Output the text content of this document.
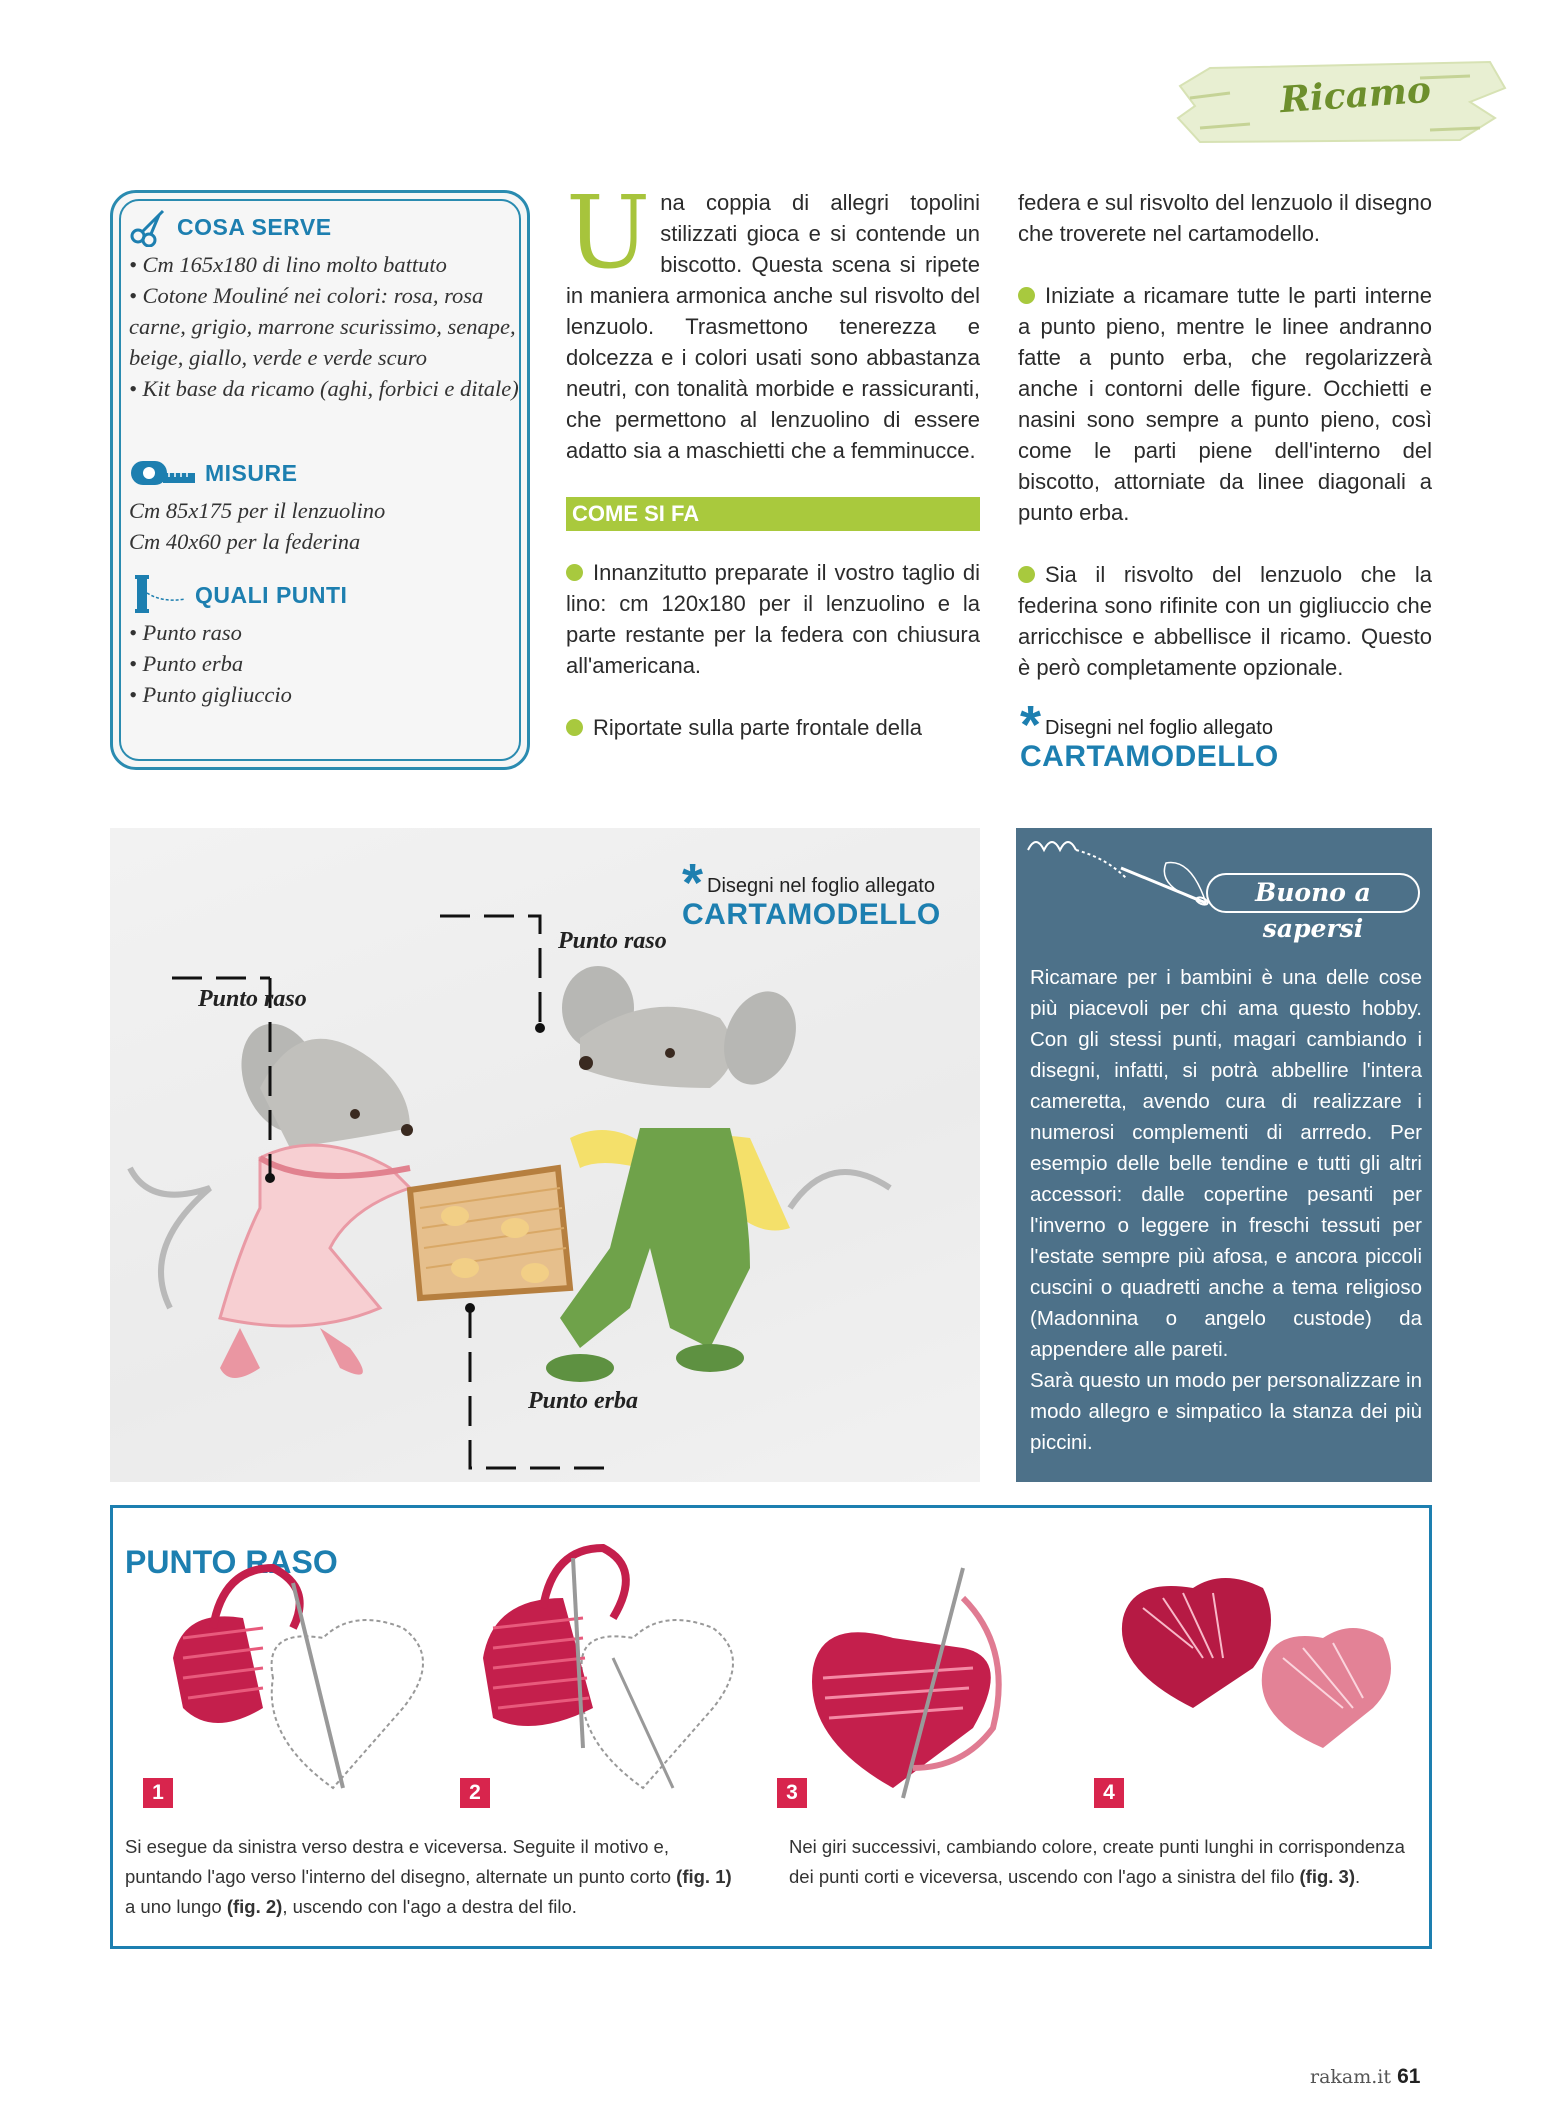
Ricamo
COSA SERVE
• Cm 165x180 di lino molto battuto
• Cotone Mouliné nei colori: rosa, rosa carne, grigio, marrone scurissimo, senape, beige, giallo, verde e verde scuro
• Kit base da ricamo (aghi, forbici e ditale)
MISURE
Cm 85x175 per il lenzuolino
Cm 40x60 per la federina
QUALI PUNTI
• Punto raso
• Punto erba
• Punto gigliuccio
U na coppia di allegri topolini stilizzati gioca e si contende un biscotto. Questa scena si ripete in maniera armonica anche sul risvolto del lenzuolo. Trasmettono tenerezza e dolcezza e i colori usati sono abbastanza neutri, con tonalità morbide e rassicuranti, che permettono al lenzuolino di essere adatto sia a maschietti che a femminucce.
COME SI FA
Innanzitutto preparate il vostro taglio di lino: cm 120x180 per il lenzuolino e la parte restante per la federa con chiusura all'americana.
Riportate sulla parte frontale della
federa e sul risvolto del lenzuolo il disegno che troverete nel cartamodello.
Iniziate a ricamare tutte le parti interne a punto pieno, mentre le linee andranno fatte a punto erba, che regolarizzerà anche i contorni delle figure. Occhietti e nasini sono sempre a punto pieno, così come le parti piene dell'interno del biscotto, attorniate da linee diagonali a punto erba.
Sia il risvolto del lenzuolo che la federina sono rifinite con un gigliuccio che arricchisce e abbellisce il ricamo. Questo è però completamente opzionale.
* Disegni nel foglio allegato
CARTAMODELLO
Punto raso
Punto raso
Punto erba
* Disegni nel foglio allegato
CARTAMODELLO
Buono a sapersi
Ricamare per i bambini è una delle cose più piacevoli per chi ama questo hobby. Con gli stessi punti, magari cambiando i disegni, infatti, si potrà abbellire l'intera cameretta, avendo cura di realizzare i numerosi complementi di arrredo. Per esempio delle belle tendine e tutti gli altri accessori: dalle copertine pesanti per l'inverno o leggere in freschi tessuti per l'estate sempre più afosa, e ancora piccoli cuscini o quadretti anche a tema religioso (Madonnina o angelo custode) da appendere alle pareti.
Sarà questo un modo per personalizzare in modo allegro e simpatico la stanza dei più piccini.
PUNTO RASO
1	2	3	4
Si esegue da sinistra verso destra e viceversa. Seguite il motivo e, puntando l'ago verso l'interno del disegno, alternate un punto corto (fig. 1) a uno lungo (fig. 2), uscendo con l'ago a destra del filo.
Nei giri successivi, cambiando colore, create punti lunghi in corrispondenza dei punti corti e viceversa, uscendo con l'ago a sinistra del filo (fig. 3).
rakam.it 61
